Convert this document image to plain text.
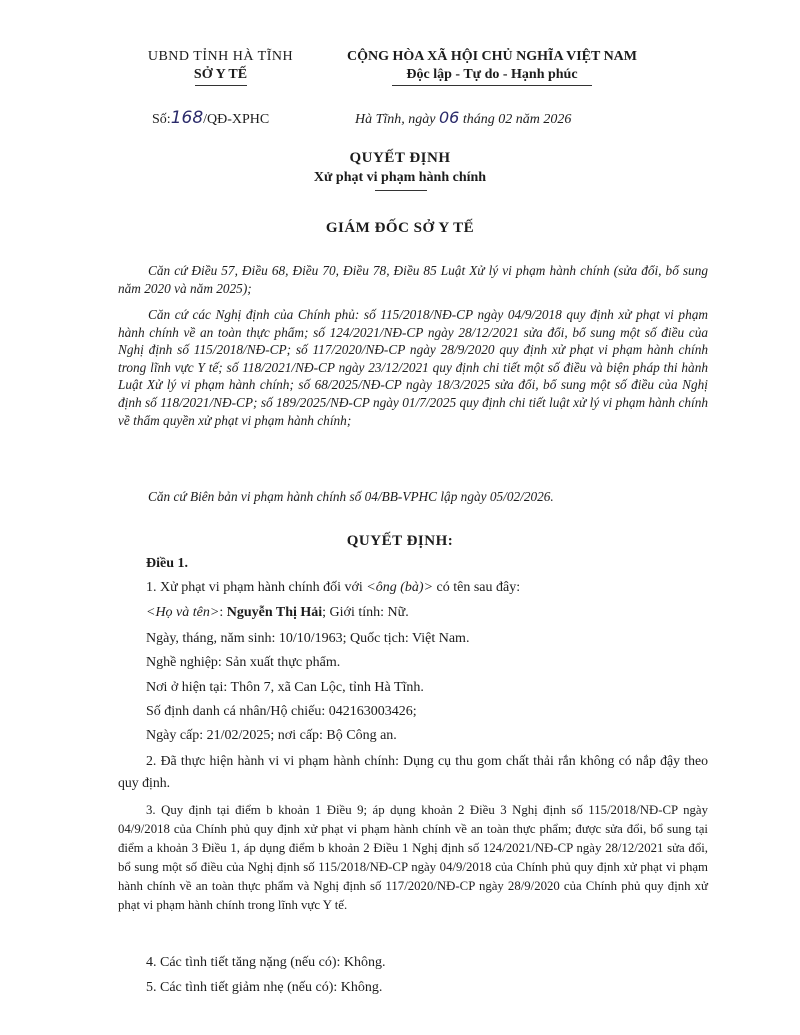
UBND TỈNH HÀ TĨNH
SỞ Y TẾ
CỘNG HÒA XÃ HỘI CHỦ NGHĨA VIỆT NAM
Độc lập - Tự do - Hạnh phúc
Số:168/QĐ-XPHC	Hà Tĩnh, ngày 06 tháng 02 năm 2026
QUYẾT ĐỊNH
Xử phạt vi phạm hành chính
GIÁM ĐỐC SỞ Y TẾ

Căn cứ Điều 57, Điều 68, Điều 70, Điều 78, Điều 85 Luật Xử lý vi phạm hành chính (sửa đổi, bổ sung năm 2020 và năm 2025);

Căn cứ các Nghị định của Chính phủ: số 115/2018/NĐ-CP ngày 04/9/2018 quy định xử phạt vi phạm hành chính về an toàn thực phẩm; số 124/2021/NĐ-CP ngày 28/12/2021 sửa đổi, bổ sung một số điều của Nghị định số 115/2018/NĐ-CP; số 117/2020/NĐ-CP ngày 28/9/2020 quy định xử phạt vi phạm hành chính trong lĩnh vực Y tế; số 118/2021/NĐ-CP ngày 23/12/2021 quy định chi tiết một số điều và biện pháp thi hành Luật Xử lý vi phạm hành chính; số 68/2025/NĐ-CP ngày 18/3/2025 sửa đổi, bổ sung một số điều của Nghị định số 118/2021/NĐ-CP; số 189/2025/NĐ-CP ngày 01/7/2025 quy định chi tiết luật xử lý vi phạm hành chính về thẩm quyền xử phạt vi phạm hành chính;

Căn cứ Biên bản vi phạm hành chính số 04/BB-VPHC lập ngày 05/02/2026.

QUYẾT ĐỊNH:
Điều 1.
1. Xử phạt vi phạm hành chính đối với <ông (bà)> có tên sau đây:
<Họ và tên>: Nguyễn Thị Hải; Giới tính: Nữ.
Ngày, tháng, năm sinh: 10/10/1963; Quốc tịch: Việt Nam.
Nghề nghiệp: Sản xuất thực phẩm.
Nơi ở hiện tại: Thôn 7, xã Can Lộc, tỉnh Hà Tĩnh.
Số định danh cá nhân/Hộ chiếu: 042163003426;
Ngày cấp: 21/02/2025; nơi cấp: Bộ Công an.

2. Đã thực hiện hành vi vi phạm hành chính: Dụng cụ thu gom chất thải rắn không có nắp đậy theo quy định.

3. Quy định tại điểm b khoản 1 Điều 9; áp dụng khoản 2 Điều 3 Nghị định số 115/2018/NĐ-CP ngày 04/9/2018 của Chính phủ quy định xử phạt vi phạm hành chính về an toàn thực phẩm; được sửa đổi, bổ sung tại điểm a khoản 3 Điều 1, áp dụng điểm b khoản 2 Điều 1 Nghị định số 124/2021/NĐ-CP ngày 28/12/2021 sửa đổi, bổ sung một số điều của Nghị định số 115/2018/NĐ-CP ngày 04/9/2018 của Chính phủ quy định xử phạt vi phạm hành chính về an toàn thực phẩm và Nghị định số 117/2020/NĐ-CP ngày 28/9/2020 của Chính phủ quy định xử phạt vi phạm hành chính trong lĩnh vực Y tế.

4. Các tình tiết tăng nặng (nếu có): Không.
5. Các tình tiết giảm nhẹ (nếu có): Không.
